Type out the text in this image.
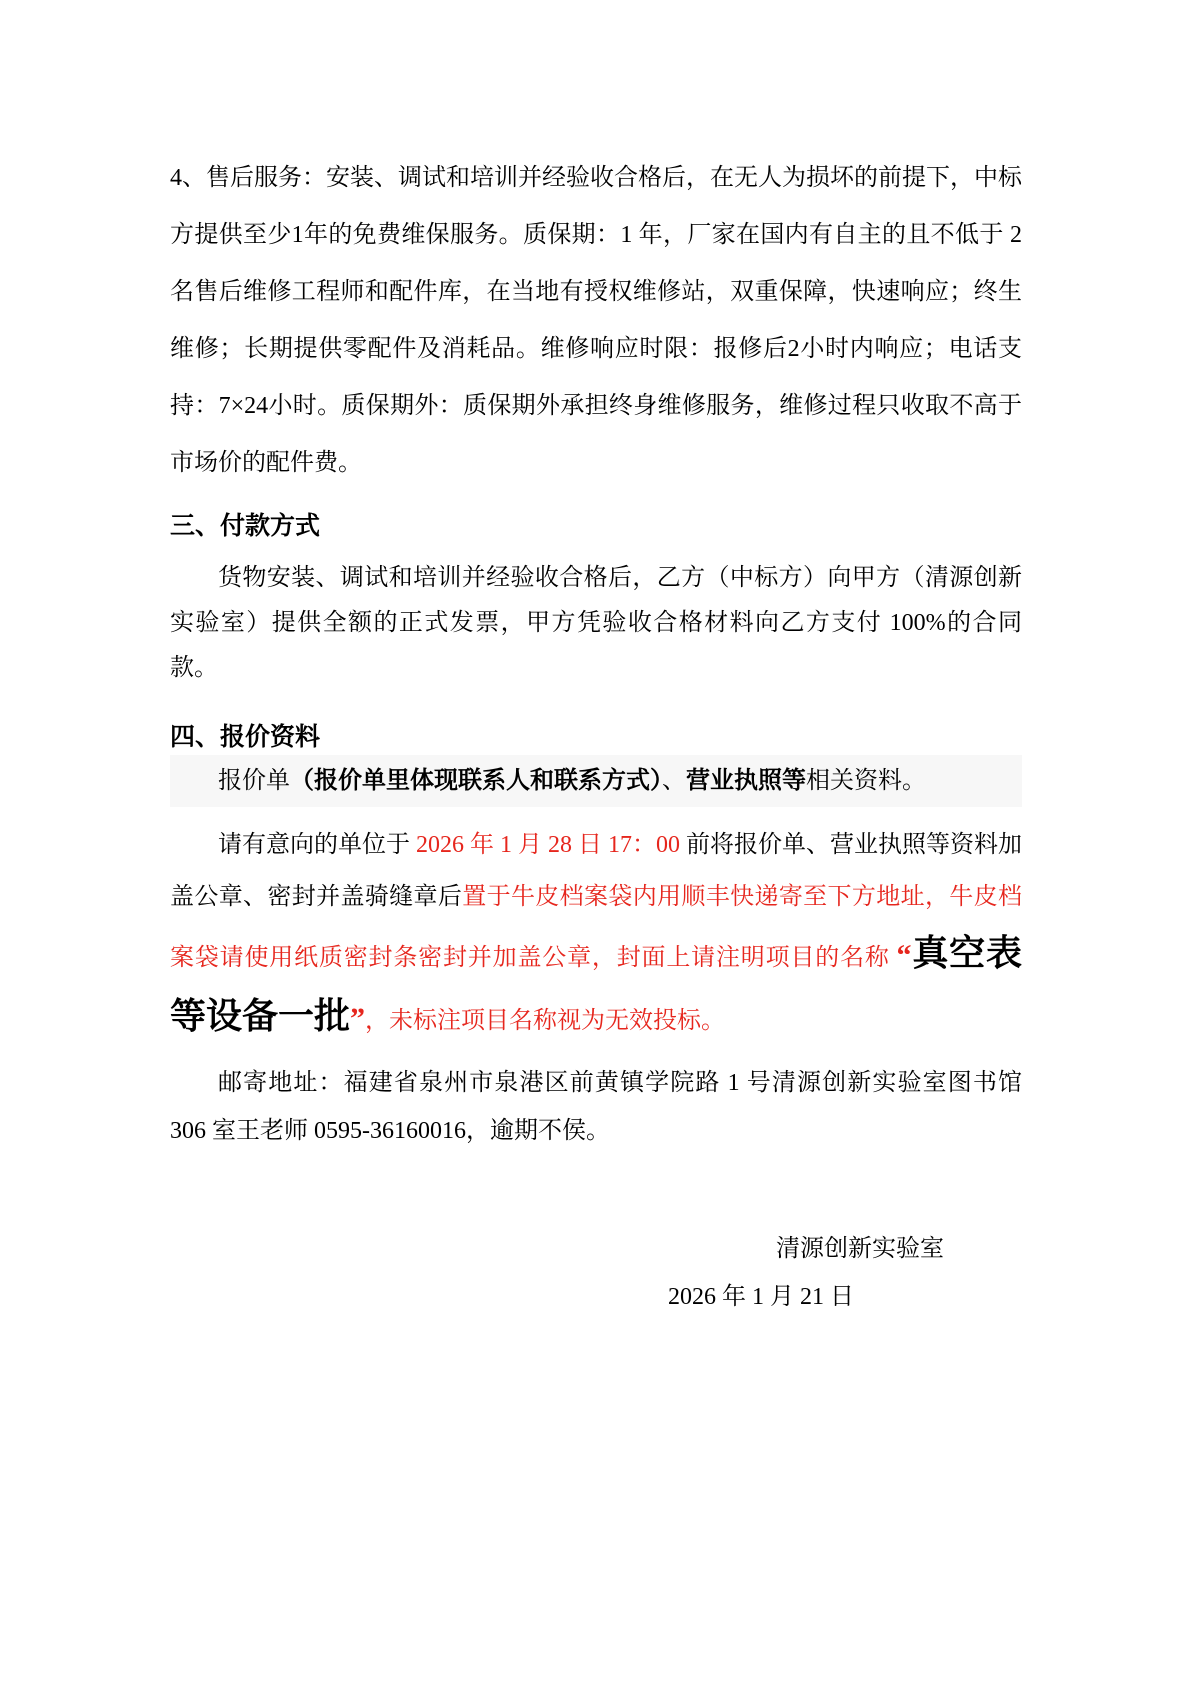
4、售后服务：安装、调试和培训并经验收合格后，在无人为损坏的前提下，中标方提供至少1年的免费维保服务。质保期：1 年，厂家在国内有自主的且不低于 2 名售后维修工程师和配件库，在当地有授权维修站，双重保障，快速响应；终生维修；长期提供零配件及消耗品。维修响应时限：报修后2小时内响应；电话支持：7×24小时。质保期外：质保期外承担终身维修服务，维修过程只收取不高于市场价的配件费。

三、付款方式

货物安装、调试和培训并经验收合格后，乙方（中标方）向甲方（清源创新实验室）提供全额的正式发票，甲方凭验收合格材料向乙方支付 100%的合同款。

四、报价资料

报价单（报价单里体现联系人和联系方式）、营业执照等相关资料。

请有意向的单位于 2026 年 1 月 28 日 17：00 前将报价单、营业执照等资料加盖公章、密封并盖骑缝章后置于牛皮档案袋内用顺丰快递寄至下方地址，牛皮档案袋请使用纸质密封条密封并加盖公章，封面上请注明项目的名称 “真空表等设备一批”，未标注项目名称视为无效投标。

邮寄地址：福建省泉州市泉港区前黄镇学院路 1 号清源创新实验室图书馆 306 室王老师 0595-36160016，逾期不侯。

清源创新实验室

2026 年 1 月 21 日
